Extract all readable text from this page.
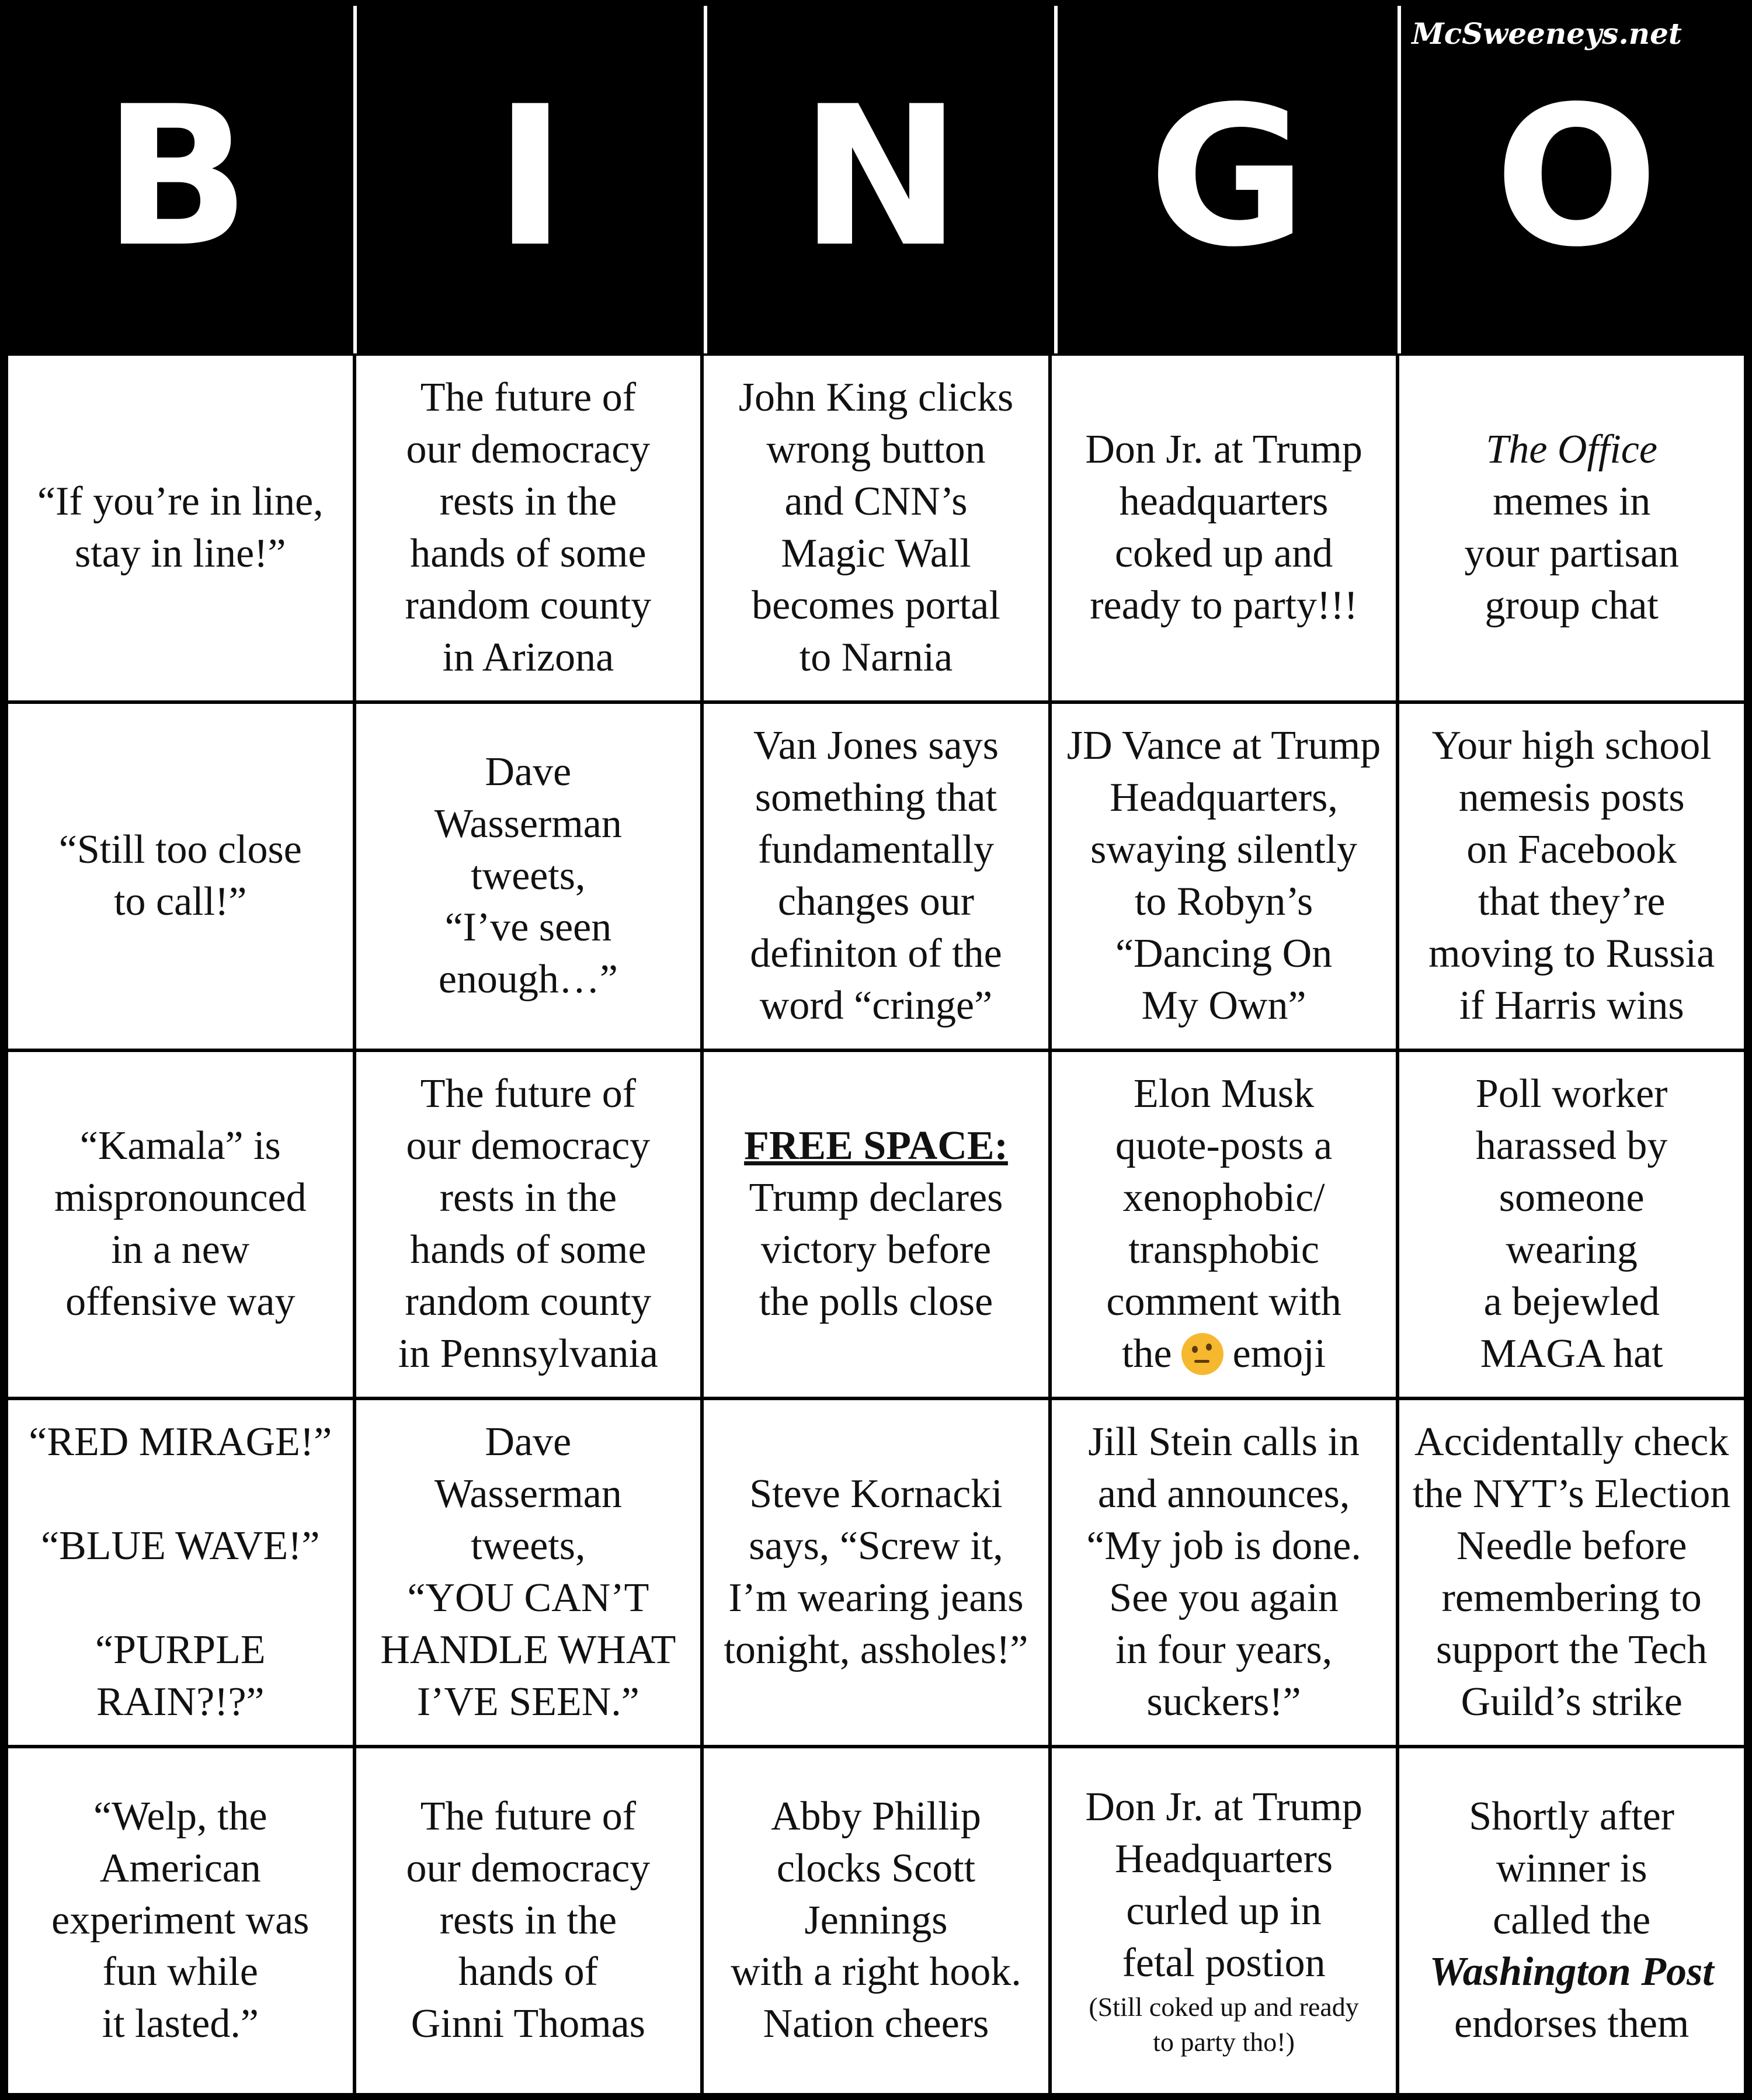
McSweeneys.net
B	I	N G O
“If you’re in line,
stay in line!”
The future of
our democracy
rests in the
hands of some
random county
in Arizona
John King clicks
wrong button
and CNN’s
Magic Wall
becomes portal
to Narnia
Don Jr. at Trump
headquarters
coked up and
ready to party!!!
The Office
memes in
your partisan
group chat
“Still too close
to call!”
Dave
Wasserman
tweets,
“I’ve seen
enough…”
Van Jones says
something that
fundamentally
changes our
definiton of the
word “cringe”
JD Vance at Trump
Headquarters,
swaying silently
to Robyn’s
“Dancing On
My Own”
Your high school
nemesis posts
on Facebook
that they’re
moving to Russia
if Harris wins
“Kamala” is
mispronounced
in a new
offensive way
The future of
our democracy
rests in the
hands of some
random county
in Pennsylvania
FREE SPACE:
Trump declares
victory before
the polls close
Elon Musk
quote-posts a
xenophobic/
transphobic
comment with
the emoji
Poll worker
harassed by
someone
wearing
a bejewled
MAGA hat
“RED MIRAGE!”

“BLUE WAVE!”

“PURPLE
RAIN?!?”
Dave
Wasserman
tweets,
“YOU CAN’T
HANDLE WHAT
I’VE SEEN.”
Steve Kornacki
says, “Screw it,
I’m wearing jeans
tonight, assholes!”
Jill Stein calls in
and announces,
“My job is done.
See you again
in four years,
suckers!”
Accidentally check
the NYT’s Election
Needle before
remembering to
support the Tech
Guild’s strike
“Welp, the
American
experiment was
fun while
it lasted.”
The future of
our democracy
rests in the
hands of
Ginni Thomas
Abby Phillip
clocks Scott
Jennings
with a right hook.
Nation cheers
Don Jr. at Trump
Headquarters
curled up in
fetal postion
(Still coked up and ready
to party tho!)
Shortly after
winner is
called the
Washington Post
endorses them
